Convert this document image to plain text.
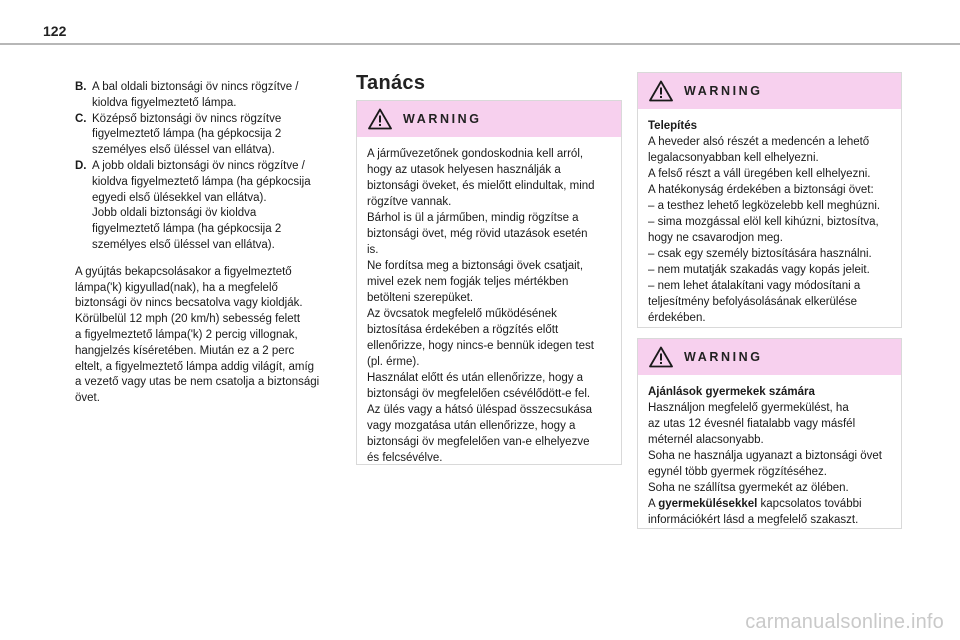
122
B. A bal oldali biztonsági öv nincs rögzítve /
kioldva figyelmeztető lámpa.
C. Középső biztonsági öv nincs rögzítve
figyelmeztető lámpa (ha gépkocsija 2
személyes első üléssel van ellátva).
D. A jobb oldali biztonsági öv nincs rögzítve /
kioldva figyelmeztető lámpa (ha gépkocsija
egyedi első ülésekkel van ellátva).
Jobb oldali biztonsági öv kioldva
figyelmeztető lámpa (ha gépkocsija 2
személyes első üléssel van ellátva).
A gyújtás bekapcsolásakor a figyelmeztető
lámpa('k) kigyullad(nak), ha a megfelelő
biztonsági öv nincs becsatolva vagy kioldják.
Körülbelül 12 mph (20 km/h) sebesség felett
a figyelmeztető lámpa('k) 2 percig villognak,
hangjelzés kíséretében. Miután ez a 2 perc
eltelt, a figyelmeztető lámpa addig világít, amíg
a vezető vagy utas be nem csatolja a biztonsági
övet.
Tanács
WARNING
A járművezetőnek gondoskodnia kell arról,
hogy az utasok helyesen használják a
biztonsági öveket, és mielőtt elindultak, mind
rögzítve vannak.
Bárhol is ül a járműben, mindig rögzítse a
biztonsági övet, még rövid utazások esetén
is.
Ne fordítsa meg a biztonsági övek csatjait,
mivel ezek nem fogják teljes mértékben
betölteni szerepüket.
Az övcsatok megfelelő működésének
biztosítása érdekében a rögzítés előtt
ellenőrizze, hogy nincs-e bennük idegen test
(pl. érme).
Használat előtt és után ellenőrizze, hogy a
biztonsági öv megfelelően csévélődött-e fel.
Az ülés vagy a hátsó üléspad összecsukása
vagy mozgatása után ellenőrizze, hogy a
biztonsági öv megfelelően van-e elhelyezve
és felcsévélve.
WARNING
Telepítés
A heveder alsó részét a medencén a lehető
legalacsonyabban kell elhelyezni.
A felső részt a váll üregében kell elhelyezni.
A hatékonyság érdekében a biztonsági övet:
– a testhez lehető legközelebb kell meghúzni.
– sima mozgással elöl kell kihúzni, biztosítva,
hogy ne csavarodjon meg.
– csak egy személy biztosítására használni.
– nem mutatják szakadás vagy kopás jeleit.
– nem lehet átalakítani vagy módosítani a
teljesítmény befolyásolásának elkerülése
érdekében.
WARNING
Ajánlások gyermekek számára
Használjon megfelelő gyermekülést, ha
az utas 12 évesnél fiatalabb vagy másfél
méternél alacsonyabb.
Soha ne használja ugyanazt a biztonsági övet
egynél több gyermek rögzítéséhez.
Soha ne szállítsa gyermekét az ölében.
A gyermekülésekkel kapcsolatos további
információkért lásd a megfelelő szakaszt.
carmanualsonline.info
